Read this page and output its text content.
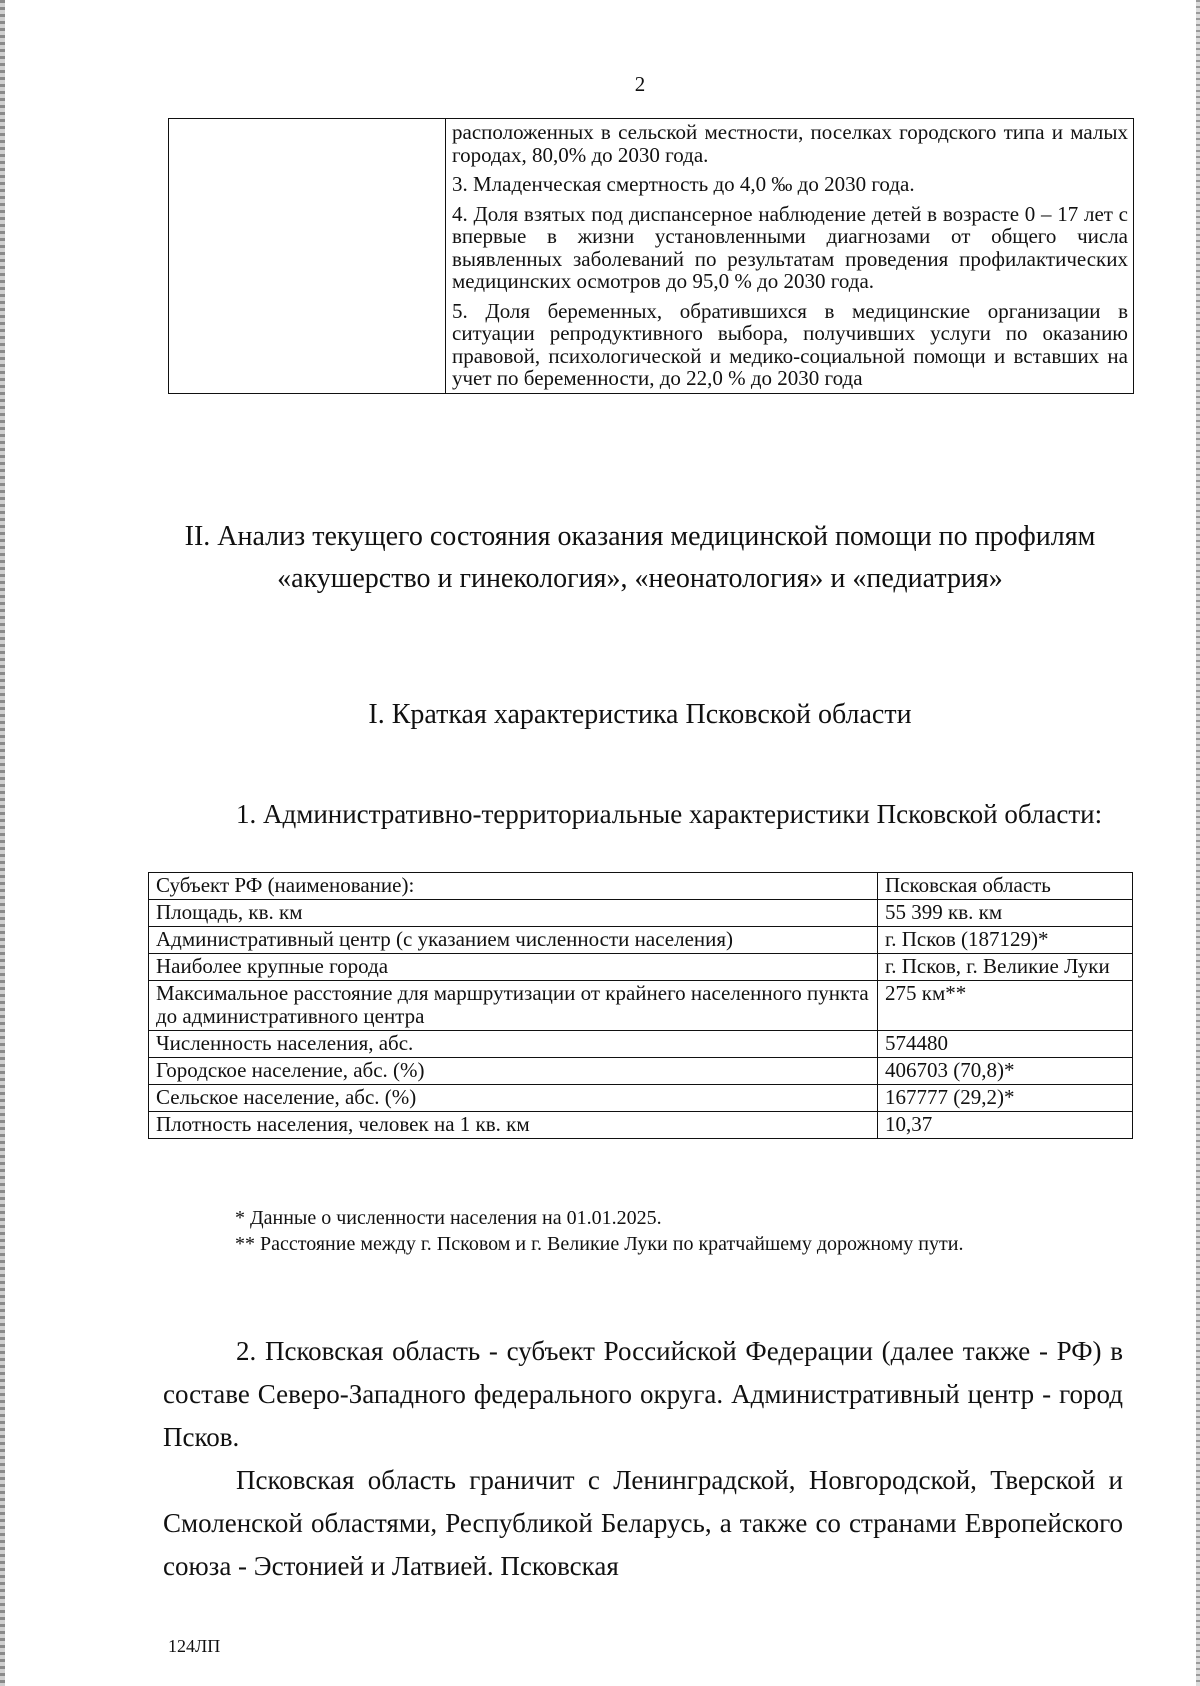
2

расположенных в сельской местности, поселках городского типа и малых городах, 80,0% до 2030 года.

3. Младенческая смертность до 4,0 ‰ до 2030 года.

4. Доля взятых под диспансерное наблюдение детей в возрасте 0 – 17 лет с впервые в жизни установленными диагнозами от общего числа выявленных заболеваний по результатам проведения профилактических медицинских осмотров до 95,0 % до 2030 года.

5. Доля беременных, обратившихся в медицинские организации в ситуации репродуктивного выбора, получивших услуги по оказанию правовой, психологической и медико-социальной помощи и вставших на учет по беременности, до 22,0 % до 2030 года

II. Анализ текущего состояния оказания медицинской помощи по профилям «акушерство и гинекология», «неонатология» и «педиатрия»
I. Краткая характеристика Псковской области

1. Административно-территориальные характеристики Псковской области:

Субъект РФ (наименование):	Псковская область
Площадь, кв. км	55 399 кв. км
Административный центр (с указанием численности населения)	г. Псков (187129)*
Наиболее крупные города	г. Псков, г. Великие Луки
Максимальное расстояние для маршрутизации от крайнего населенного пункта до административного центра	275 км**
Численность населения, абс.	574480
Городское население, абс. (%)	406703 (70,8)*
Сельское население, абс. (%)	167777 (29,2)*
Плотность населения, человек на 1 кв. км	10,37

* Данные о численности населения на 01.01.2025.

** Расстояние между г. Псковом и г. Великие Луки по кратчайшему дорожному пути.

2. Псковская область - субъект Российской Федерации (далее также - РФ) в составе Северо-Западного федерального округа. Административный центр - город Псков.

Псковская область граничит с Ленинградской, Новгородской, Тверской и Смоленской областями, Республикой Беларусь, а также со странами Европейского союза - Эстонией и Латвией. Псковская

124ЛП
